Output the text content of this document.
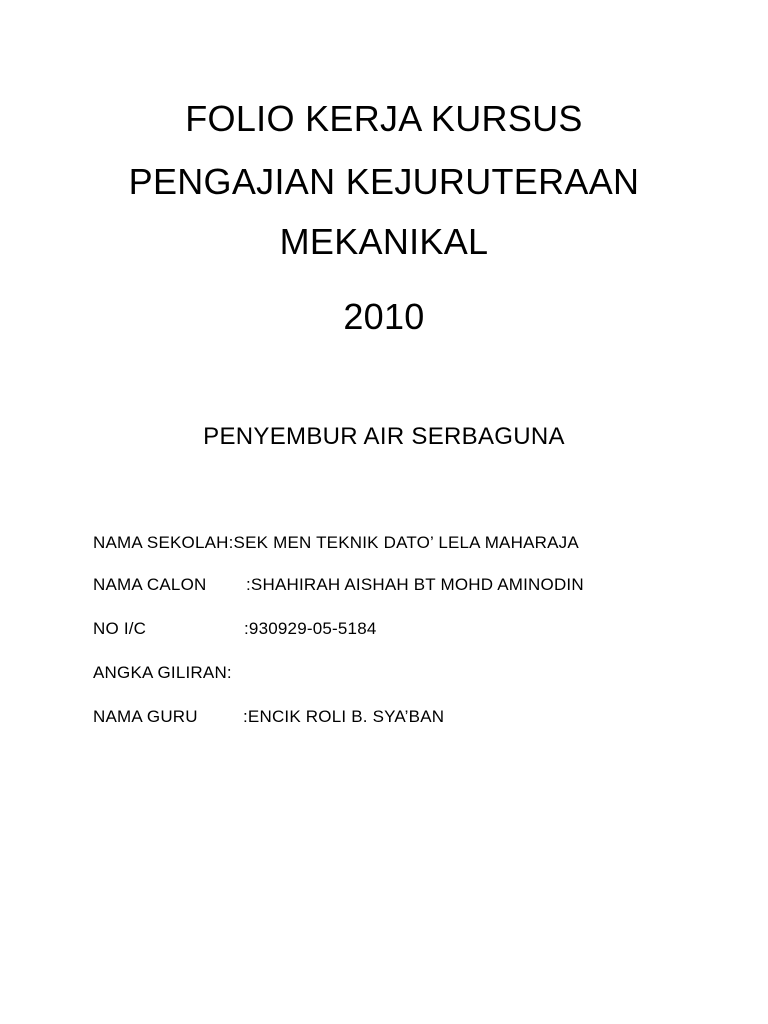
FOLIO KERJA KURSUS
PENGAJIAN KEJURUTERAAN
MEKANIKAL
2010
PENYEMBUR AIR SERBAGUNA
NAMA SEKOLAH:SEK MEN TEKNIK DATO’ LELA MAHARAJA
NAMA CALON :SHAHIRAH AISHAH BT MOHD AMINODIN
NO I/C	:930929-05-5184
ANGKA GILIRAN:
NAMA GURU	:ENCIK ROLI B. SYA’BAN
